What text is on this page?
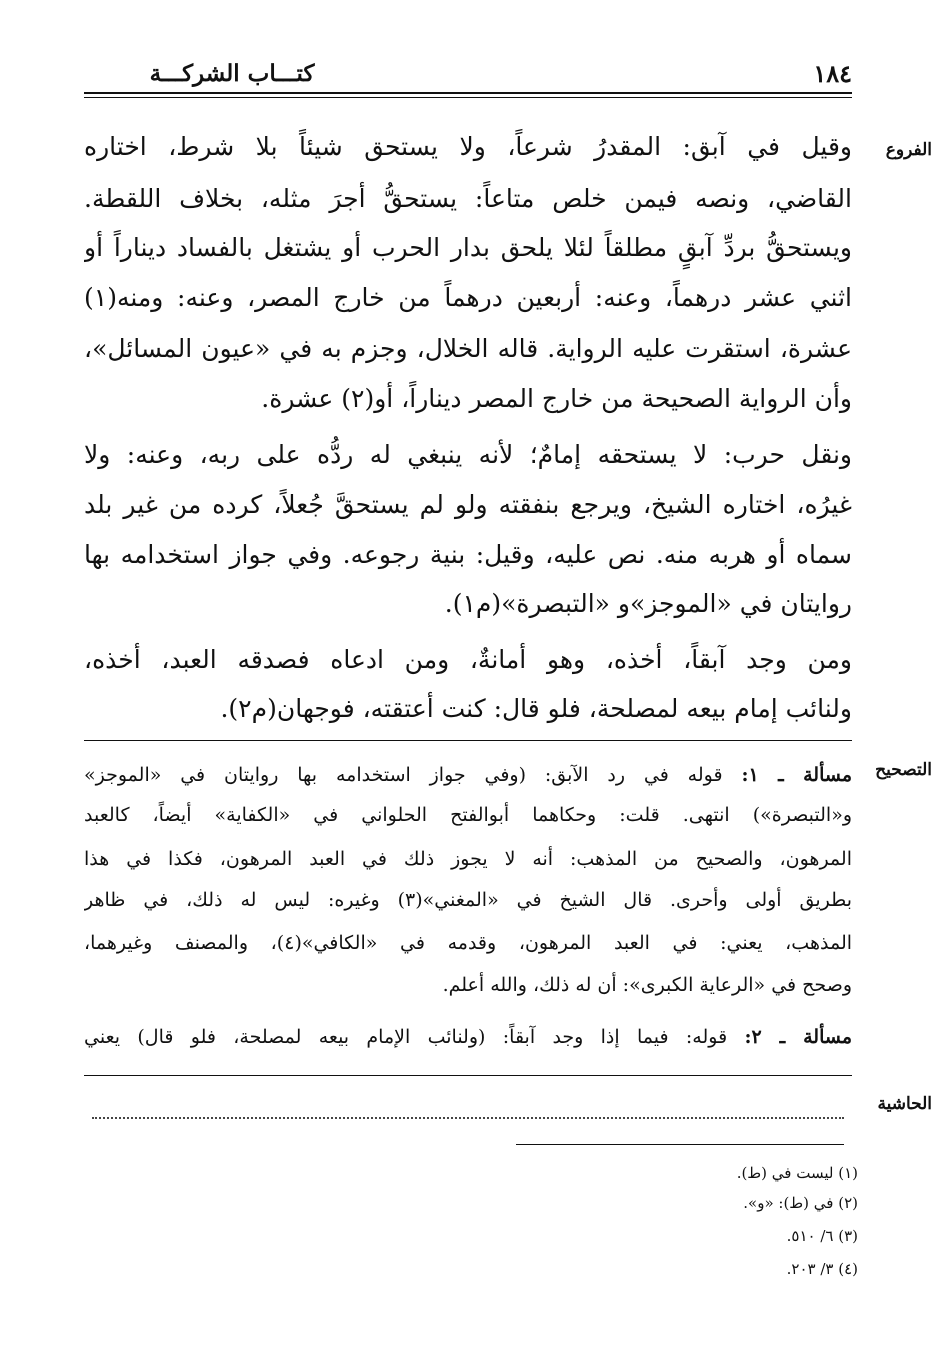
كتـــاب الشركـــة	١٨٤
الفروع
التصحيح
الحاشية
وقيل في آبق: المقدرُ شرعاً، ولا يستحق شيئاً بلا شرط، اختاره
القاضي، ونصه فيمن خلص متاعاً: يستحقُّ أجرَ مثله، بخلاف اللقطة.
ويستحقُّ بردِّ آبقٍ مطلقاً لئلا يلحق بدار الحرب أو يشتغل بالفساد ديناراً أو
اثني عشر درهماً، وعنه: أربعين درهماً من خارج المصر، وعنه: ومنه(١)
عشرة، استقرت عليه الرواية. قاله الخلال، وجزم به في «عيون المسائل»،
وأن الرواية الصحيحة من خارج المصر ديناراً، أو(٢) عشرة.
ونقل حرب: لا يستحقه إمامٌ؛ لأنه ينبغي له ردُّه على ربه، وعنه: ولا
غيرُه، اختاره الشيخ، ويرجع بنفقته ولو لم يستحقَّ جُعلاً، كرده من غير بلد
سماه أو هربه منه. نص عليه، وقيل: بنية رجوعه. وفي جواز استخدامه بها
روايتان في «الموجز»و «التبصرة»(م١).
ومن وجد آبقاً، أخذه، وهو أمانةٌ، ومن ادعاه فصدقه العبد، أخذه،
ولنائب إمام بيعه لمصلحة، فلو قال: كنت أعتقته، فوجهان(م٢).
مسألة ـ ١: قوله في رد الآبق: (وفي جواز استخدامه بها روايتان في «الموجز»
و«التبصرة») انتهى. قلت: وحكاهما أبوالفتح الحلواني في «الكفاية» أيضاً، كالعبد
المرهون، والصحيح من المذهب: أنه لا يجوز ذلك في العبد المرهون، فكذا في هذا
بطريق أولى وأحرى. قال الشيخ في «المغني»(٣) وغيره: ليس له ذلك، في ظاهر
المذهب، يعني: في العبد المرهون، وقدمه في «الكافي»(٤)، والمصنف وغيرهما،
وصحح في «الرعاية الكبرى»: أن له ذلك، والله أعلم.
مسألة ـ ٢: قوله: فيما إذا وجد آبقاً: (ولنائب الإمام بيعه لمصلحة، فلو قال) يعني
(١) ليست في (ط).
(٢) في (ط): «و».
(٣) ٦/ ٥١٠.
(٤) ٣/ ٢٠٣.
